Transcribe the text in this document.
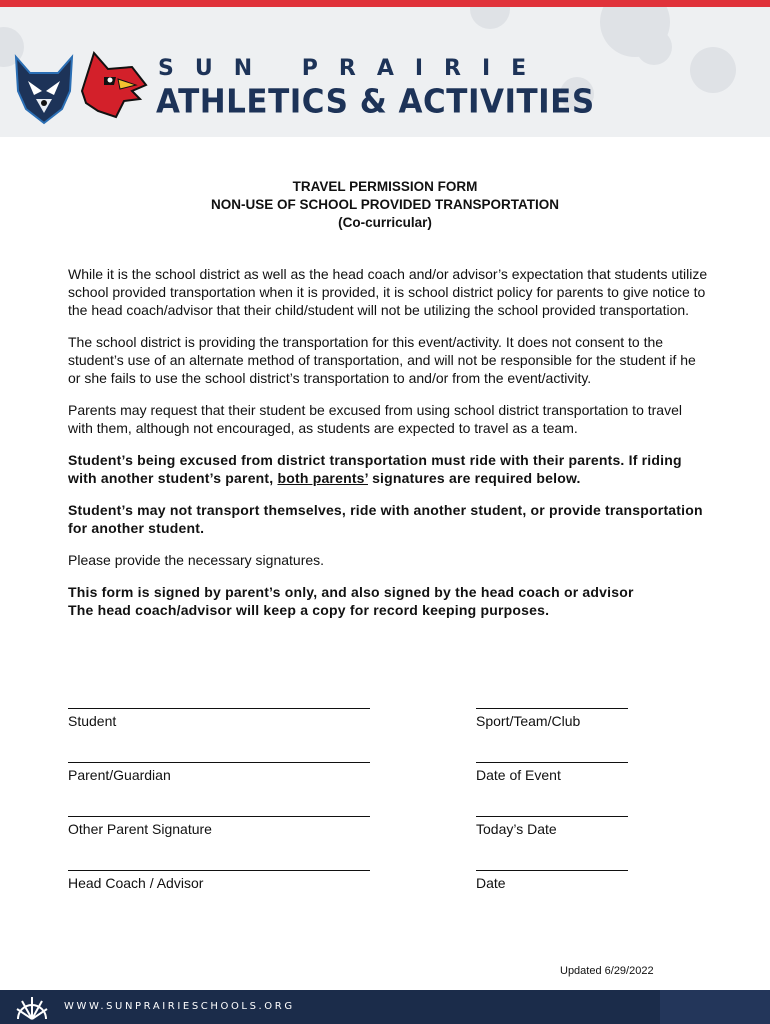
SUN PRAIRIE
ATHLETICS & ACTIVITIES
TRAVEL PERMISSION FORM
NON-USE OF SCHOOL PROVIDED TRANSPORTATION
(Co-curricular)

While it is the school district as well as the head coach and/or advisor’s expectation that students utilize school provided transportation when it is provided, it is school district policy for parents to give notice to the head coach/advisor that their child/student will not be utilizing the school provided transportation.

The school district is providing the transportation for this event/activity. It does not consent to the student’s use of an alternate method of transportation, and will not be responsible for the student if he or she fails to use the school district’s transportation to and/or from the event/activity.

Parents may request that their student be excused from using school district transportation to travel with them, although not encouraged, as students are expected to travel as a team.

Student’s being excused from district transportation must ride with their parents. If riding with another student’s parent, both parents’ signatures are required below.

Student’s may not transport themselves, ride with another student, or provide transportation for another student.

Please provide the necessary signatures.

This form is signed by parent’s only, and also signed by the head coach or advisor
The head coach/advisor will keep a copy for record keeping purposes.

Student	Sport/Team/Club
Parent/Guardian	Date of Event
Other Parent Signature	Today’s Date
Head Coach / Advisor	Date
Updated 6/29/2022
WWW.SUNPRAIRIESCHOOLS.ORG
